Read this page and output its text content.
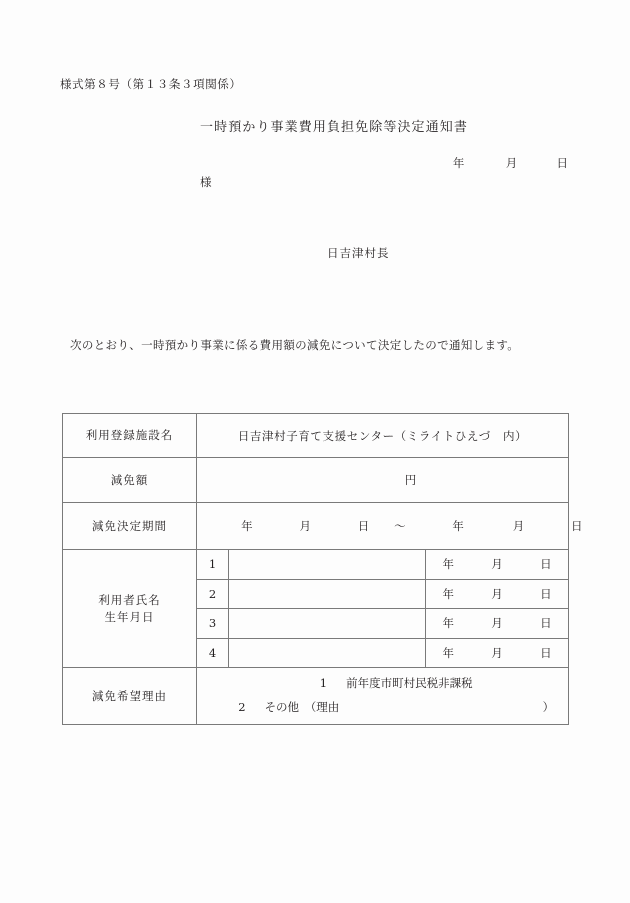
様式第８号（第１３条３項関係）
一時預かり事業費用負担免除等決定通知書
年	月	日
様
日吉津村長
次のとおり、一時預かり事業に係る費用額の減免について決定したので通知します。
利用登録施設名	日吉津村子育て支援センター（ミライトひえづ　内）		
減免額	円		

減免決定期間	年 月 日 ～ 年 月 日		
利用者氏名
生年月日	1		年 月 日
	2		年 月 日
	3		年 月 日
	4		年 月 日
減免希望理由	1 前年度市町村民税非課税
2 その他　（理由 ）		
